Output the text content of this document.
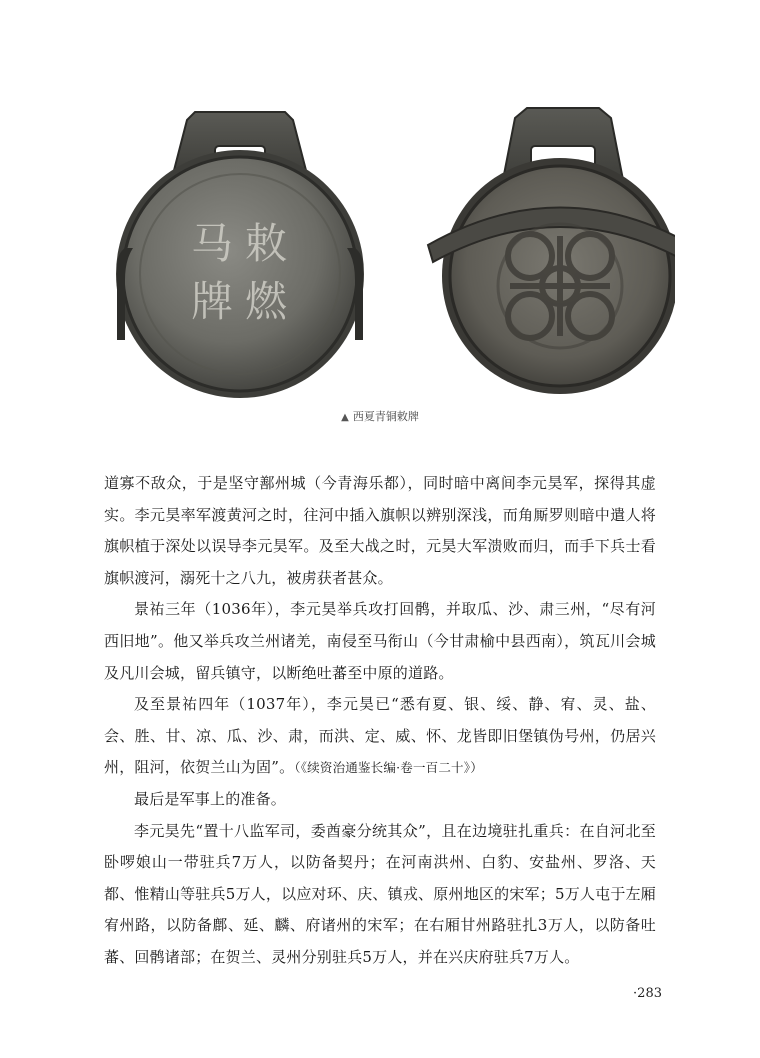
敕
燃
马
牌
▲ 西夏青铜敕牌

道寡不敌众，于是坚守鄯州城（今青海乐都），同时暗中离间李元昊军，探得其虚实。李元昊率军渡黄河之时，往河中插入旗帜以辨别深浅，而角厮罗则暗中遣人将旗帜植于深处以误导李元昊军。及至大战之时，元昊大军溃败而归，而手下兵士看旗帜渡河，溺死十之八九，被虏获者甚众。

景祐三年（1036年），李元昊举兵攻打回鹘，并取瓜、沙、肃三州，“尽有河西旧地”。他又举兵攻兰州诸羌，南侵至马衔山（今甘肃榆中县西南），筑瓦川会城及凡川会城，留兵镇守，以断绝吐蕃至中原的道路。

及至景祐四年（1037年），李元昊已“悉有夏、银、绥、静、宥、灵、盐、会、胜、甘、凉、瓜、沙、肃，而洪、定、威、怀、龙皆即旧堡镇伪号州，仍居兴州，阻河，依贺兰山为固”。（《续资治通鉴长编·卷一百二十》）

最后是军事上的准备。

李元昊先“置十八监军司，委酋豪分统其众”，且在边境驻扎重兵：在自河北至卧啰娘山一带驻兵7万人，以防备契丹；在河南洪州、白豹、安盐州、罗洛、天都、惟精山等驻兵5万人，以应对环、庆、镇戎、原州地区的宋军；5万人屯于左厢宥州路，以防备鄜、延、麟、府诸州的宋军；在右厢甘州路驻扎3万人，以防备吐蕃、回鹘诸部；在贺兰、灵州分别驻兵5万人，并在兴庆府驻兵7万人。

·283
